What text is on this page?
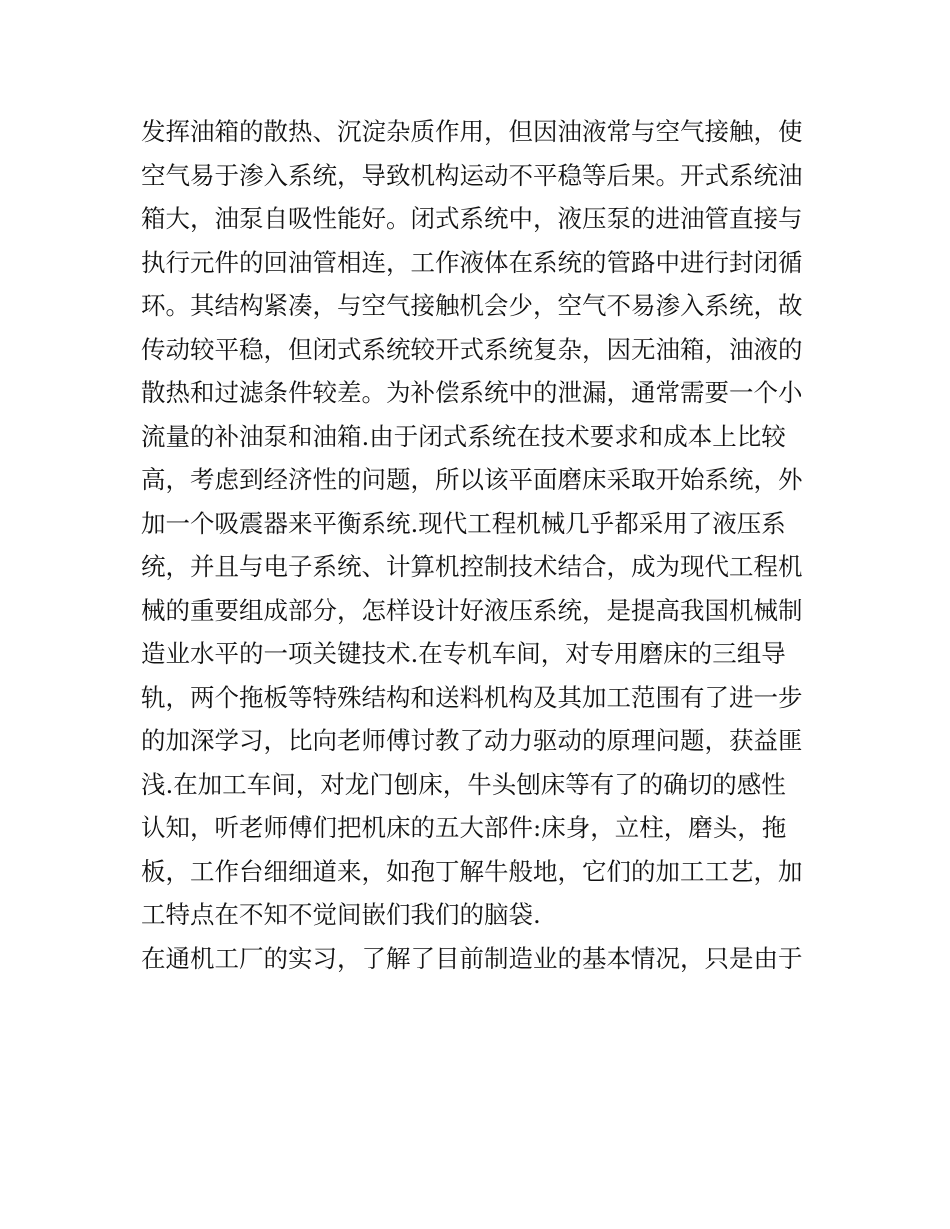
发挥油箱的散热、沉淀杂质作用，但因油液常与空气接触，使
空气易于渗入系统，导致机构运动不平稳等后果。开式系统油
箱大，油泵自吸性能好。闭式系统中，液压泵的进油管直接与
执行元件的回油管相连，工作液体在系统的管路中进行封闭循
环。其结构紧凑，与空气接触机会少，空气不易渗入系统，故
传动较平稳，但闭式系统较开式系统复杂，因无油箱，油液的
散热和过滤条件较差。为补偿系统中的泄漏，通常需要一个小
流量的补油泵和油箱.由于闭式系统在技术要求和成本上比较
高，考虑到经济性的问题，所以该平面磨床采取开始系统，外
加一个吸震器来平衡系统.现代工程机械几乎都采用了液压系
统，并且与电子系统、计算机控制技术结合，成为现代工程机
械的重要组成部分，怎样设计好液压系统，是提高我国机械制
造业水平的一项关键技术.在专机车间，对专用磨床的三组导
轨，两个拖板等特殊结构和送料机构及其加工范围有了进一步
的加深学习，比向老师傅讨教了动力驱动的原理问题，获益匪
浅.在加工车间，对龙门刨床，牛头刨床等有了的确切的感性
认知，听老师傅们把机床的五大部件:床身，立柱，磨头，拖
板，工作台细细道来，如孢丁解牛般地，它们的加工工艺，加
工特点在不知不觉间嵌们我们的脑袋.
在通机工厂的实习，了解了目前制造业的基本情况，只是由于
